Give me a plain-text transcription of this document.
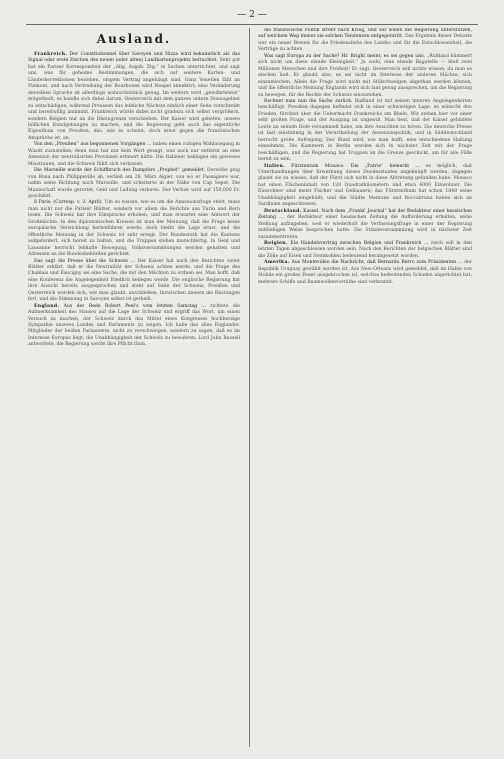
— 2 —
Ausland.

Frankreich. Der Constitutionnel über Savoyen und Nizza wird bekanntlich als das Signal oder erste Zeichen des neuen (oder alten) Landkartenprojekts betrachtet. Sehr gut hat ein Pariser Korrespondent der „Allg. Augsb. Ztg.“ in Sachen unterrichtet, und sagt uns, was für geheime Bestimmungen, die sich auf weitere Karten- und Länderkorrektionen beziehen, obigem Vertrag angehängt sind. Ganz Venetien fällt an Piemont, und nach Vertreibung der Bourbonen wird Neapel annektirt; eine Veränderung derselben Sprache ist allerdings wahrscheinlich genug. Im weitern wird „gewährleistet“ mitgetheilt, es handle sich dabei darum, Oesterreich mit dem ganzen untern Donaugebiet zu entschädigen, während Preussen das leibliche Nächste einfach einer Seite vorschreibt und bereitwillig annimmt. Frankreich würde dabei nicht gradezu sich selbst vergrößern, sondern Belgien nur an die Rheingrenze verschieben. Der Kaiser wird gebeten, unsere höflichen Kundgebungen zu machen, und die Regierung geht auch das eigentliche Eigenthum von Preußen, das, wie es scheint, doch ernst gegen die französischen Ansprüche ist, an.

Von den „Preußen“ aus begonnenen Vorgängen ... haben einen ruhigen Wahlausgang in Waadt zuzustellen; denn man hat nur kein Wort gesagt, was auch nur entfernt an eine Annexion der neutralisirten Provinzen erinnert hätte. Die Italiener beklagen ein gewisses Misstrauen, und die Schweiz fühlt sich verlassen.

Die Marseille wurde der Schiffbruch des Dampfers „Prophet“ gemeldet. Derselbe ging von Bona nach Philippeville ab, verließ am 28. März Algier, von wo er Passagiere war, nahm seine Richtung nach Marseille, und scheiterte in der Nähe von Cap Sepet. Die Mannschaft wurde gerettet, Geld und Ladung verloren. Der Verlust wird auf 150,000 Fr. geschätzt.

8 Paris. (Corresp. v. 2. April). Um zu wissen, wie es um die Annexionsfrage steht, muss man nicht nur die Pariser Blätter, sondern vor allem die Berichte aus Turin und Bern lesen. Die Schweiz hat ihre Einsprache erhoben, und man erwartet eine Antwort der Großmächte. In den diplomatischen Kreisen ist man der Meinung, daß die Frage keine europäische Verwicklung herbeiführen werde; doch bleibt die Lage ernst, und die öffentliche Meinung in der Schweiz ist sehr erregt. Der Bundesrath hat die Kantone aufgefordert, sich bereit zu halten, und die Truppen stehen marschfertig. In Genf und Lausanne herrscht lebhafte Bewegung, Volksversammlungen werden gehalten und Adressen an die Bundesbehörden gerichtet.

Das sagt die Presse über die Schweiz ... Der Kaiser hat nach den Berichten vieler Blätter erklärt, daß er die Neutralität der Schweiz achten werde, und die Frage des Chablais und Faucigny sei eine Sache, die mit den Mächten zu ordnen sei. Man hofft, daß eine Konferenz die Angelegenheit friedlich beilegen werde. Die englische Regierung hat ihre Ansicht bereits ausgesprochen und steht auf Seite der Schweiz; Preußen und Oesterreich werden sich, wie man glaubt, anschließen. Inzwischen dauern die Rüstungen fort, und die Stimmung in Savoyen selbst ist getheilt.

England. Aus der Rede Robert Peel's vom letzten Samstag ... richtete die Aufmerksamkeit des Hauses auf die Lage der Schweiz und ergriff das Wort, um einen Versuch zu machen, der Schweiz durch das Mittel eines Kongresses hochherzige Sympathie unseres Landes und Parlaments zu zeigen. Ich habe das alles Englander, Mitglieder der beiden Parlamente, nicht zu verschweigen, sondern zu sagen, daß es im Interesse Europas liegt, die Unabhängigkeit der Schweiz zu bewahren. Lord John Russell antwortete, die Regierung werde ihre Pflicht thun.

die französische Politik strebt nach Krieg, und wir sollen die Regierung unterstützen, auf welchem Weg immer sie solchen Tendenzen entgegentritt. Das Ergebnis dieser Debatte war ein neuer Beweis für die Friedensliebe des Landes und für die Entschlossenheit, die Verträge zu achten.

Was sagt Europa zu der Sache? Hr. Bright meint, es sei gegen uns. „Rußland kümmert sich nicht um diese elende Kleinigkeit.“ Ja wohl, eine elende Bagatelle — bloß zwei Millionen Menschen und ihre Freiheit! Er sagt: Oesterreich will nichts wissen, da man es stecken ließ. Er glaubt also, es sei nicht im Interesse der anderen Mächte, sich einzumischen. Allein die Frage wird nicht mit Stillschweigen abgethan werden können, und die öffentliche Meinung Englands wird sich laut genug aussprechen, um die Regierung zu bewegen, für die Rechte der Schweiz einzustehen.

Rechnet man nun die Sache zurück. Rußland ist mit seinen inneren Angelegenheiten beschäftigt. Preußen dagegen befindet sich in einer schwierigen Lage; es wünscht den Frieden, fürchtet aber die Uebermacht Frankreichs am Rhein. Wir stehen hier vor einer sehr großen Frage, und der Ausgang ist ungewiß. Man liest, daß der Kaiser gebildete Leute an seinem Hofe versammelt habe, um ihre Ansichten zu hören. Die deutsche Presse ist fast einstimmig in der Verurtheilung der Annexionspolitik, und in Süddeutschland herrscht große Aufregung. Der Bund wird, wie man hofft, eine entschiedene Haltung einnehmen. Die Kammern in Berlin werden sich in nächster Zeit mit der Frage beschäftigen, und die Regierung hat Truppen an die Grenze geschickt, um für alle Fälle bereit zu sein.

Italien. Fürstentum Monaco. Die „Patrie“ bemerkt ... es möglich, daß Unterhandlungen über Erwerbung dieses Duodezstaates angeknüpft werden, dagegen glaubt sie zu wissen, daß der Fürst sich nicht in diese Abtretung gefunden habe. Monaco hat einen Flächeninhalt von 120 Quadratkilometern und etwa 6000 Einwohner. Die Einwohner sind meist Fischer und Oelbauern; das Fürstenthum hat schon 1848 seine Unabhängigkeit eingebüßt, und die Städte Mentone und Roccabruna haben sich an Sardinien angeschlossen.

Deutschland. Kassel. Nach dem „Frankf. Journal“ hat der Redakteur einer hessischen Zeitung ... der Redakteur einer hessischen Zeitung die Aufforderung erhalten, seine Stellung aufzugeben, weil er wiederholt die Verfassungsfrage in einer der Regierung mißliebigen Weise besprochen hatte. Die Ständeversammlung wird in nächster Zeit zusammentreten.

Belgien. Ein Handelsvertrag zwischen Belgien und Frankreich ... reich soll in den letzten Tagen abgeschlossen worden sein. Nach den Berichten der belgischen Blätter sind die Zölle auf Eisen und Steinkohlen bedeutend herabgesetzt worden.

Amerika. Aus Montevideo die Nachricht, daß Bernardo Berro zum Präsidenten ... der Republik Uruguay gewählt worden ist. Aus New-Orleans wird gemeldet, daß im Hafen von Mobile ein großes Feuer ausgebrochen ist, welches bedeutenden Schaden angerichtet hat; mehrere Schiffe und Baumwollenvorräthe sind verbrannt.
